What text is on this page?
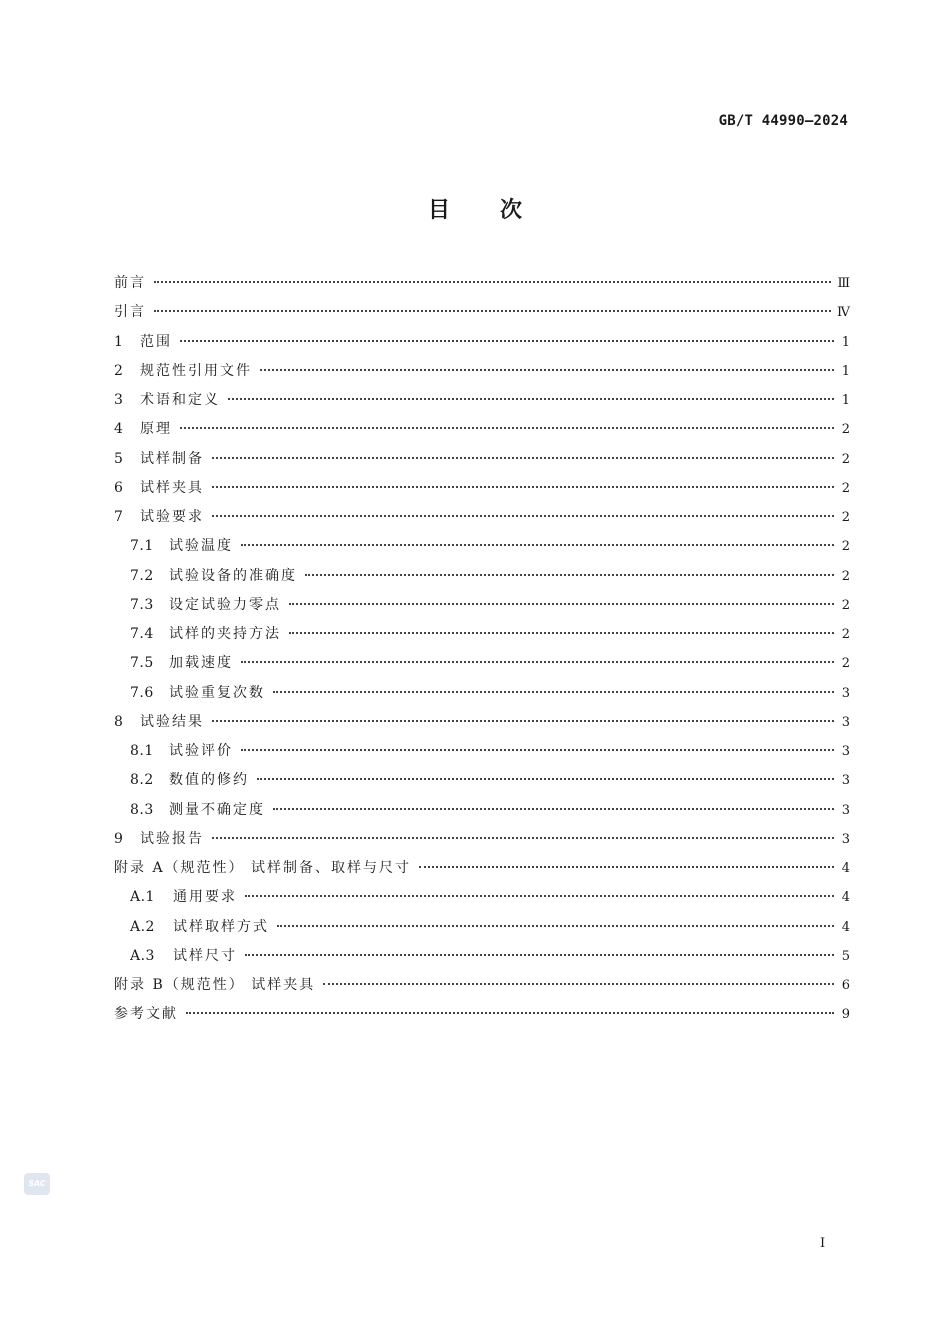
GB/T 44990—2024
目次
前言	Ⅲ
引言	Ⅳ
1	范围	1
2	规范性引用文件	1
3	术语和定义	1
4	原理	2
5	试样制备	2
6	试样夹具	2
7	试验要求	2
7.1	试验温度	2
7.2	试验设备的准确度	2
7.3	设定试验力零点	2
7.4	试样的夹持方法	2
7.5	加载速度	2
7.6	试验重复次数	3
8	试验结果	3
8.1	试验评价	3
8.2	数值的修约	3
8.3	测量不确定度	3
9	试验报告	3
附录 A（规范性） 试样制备、取样与尺寸	4
A.1	通用要求	4
A.2	试样取样方式	4
A.3	试样尺寸	5
附录 B（规范性） 试样夹具	6
参考文献	9
SAC
I
